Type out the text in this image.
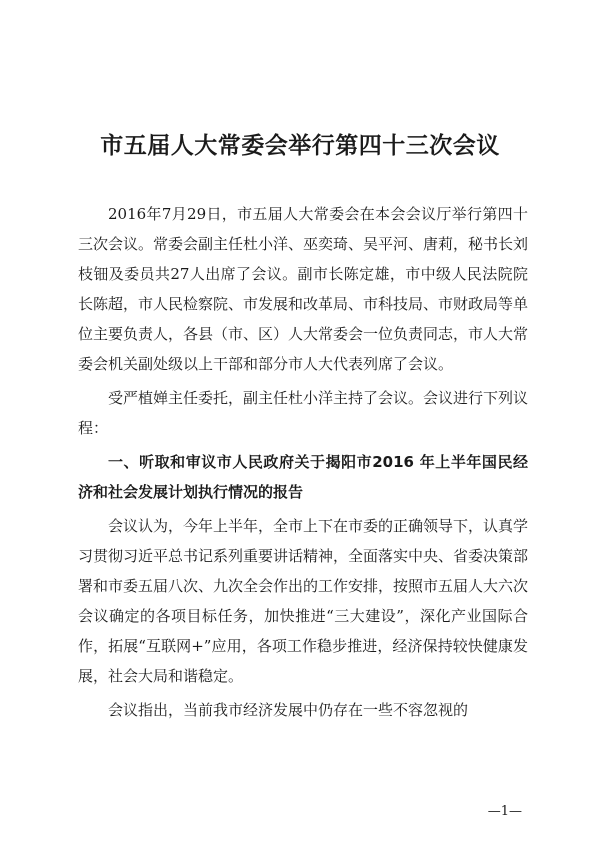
市五届人大常委会举行第四十三次会议

2016年7月29日，市五届人大常委会在本会会议厅举行第四十三次会议。常委会副主任杜小洋、巫奕琦、吴平河、唐莉，秘书长刘枝钿及委员共27人出席了会议。副市长陈定雄，市中级人民法院院长陈超，市人民检察院、市发展和改革局、市科技局、市财政局等单位主要负责人，各县（市、区）人大常委会一位负责同志，市人大常委会机关副处级以上干部和部分市人大代表列席了会议。

受严植婵主任委托，副主任杜小洋主持了会议。会议进行下列议程：

一、听取和审议市人民政府关于揭阳市2016 年上半年国民经济和社会发展计划执行情况的报告

会议认为，今年上半年，全市上下在市委的正确领导下，认真学习贯彻习近平总书记系列重要讲话精神，全面落实中央、省委决策部署和市委五届八次、九次全会作出的工作安排，按照市五届人大六次会议确定的各项目标任务，加快推进“三大建设”，深化产业国际合作，拓展“互联网+”应用，各项工作稳步推进，经济保持较快健康发展，社会大局和谐稳定。

会议指出，当前我市经济发展中仍存在一些不容忽视的

—1—
